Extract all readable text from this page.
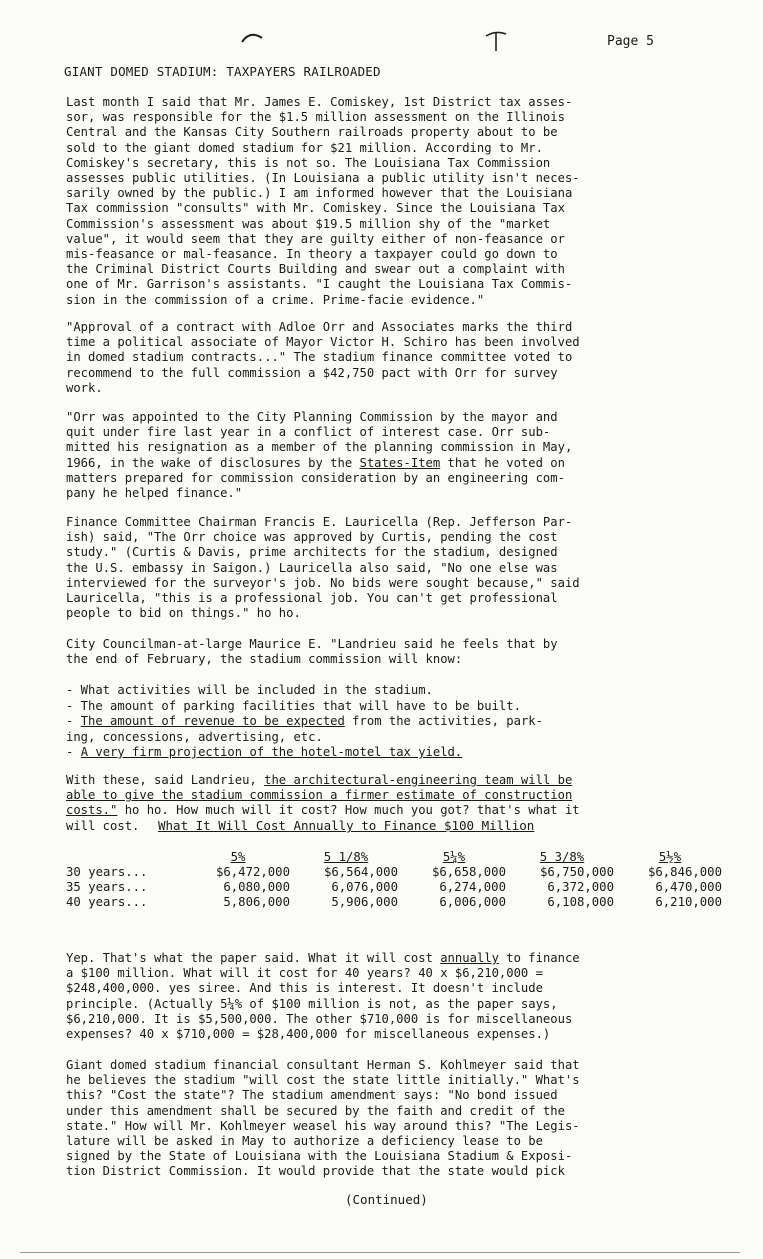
Page 5
GIANT DOMED STADIUM: TAXPAYERS RAILROADED
Last month I said that Mr. James E. Comiskey, 1st District tax asses-
sor, was responsible for the $1.5 million assessment on the Illinois
Central and the Kansas City Southern railroads property about to be
sold to the giant domed stadium for $21 million. According to Mr.
Comiskey's secretary, this is not so. The Louisiana Tax Commission
assesses public utilities. (In Louisiana a public utility isn't neces-
sarily owned by the public.) I am informed however that the Louisiana
Tax commission "consults" with Mr. Comiskey. Since the Louisiana Tax
Commission's assessment was about $19.5 million shy of the "market
value", it would seem that they are guilty either of non-feasance or
mis-feasance or mal-feasance. In theory a taxpayer could go down to
the Criminal District Courts Building and swear out a complaint with
one of Mr. Garrison's assistants. "I caught the Louisiana Tax Commis-
sion in the commission of a crime. Prime-facie evidence."
"Approval of a contract with Adloe Orr and Associates marks the third
time a political associate of Mayor Victor H. Schiro has been involved
in domed stadium contracts..." The stadium finance committee voted to
recommend to the full commission a $42,750 pact with Orr for survey
work.
"Orr was appointed to the City Planning Commission by the mayor and
quit under fire last year in a conflict of interest case. Orr sub-
mitted his resignation as a member of the planning commission in May,
1966, in the wake of disclosures by the States-Item that he voted on
matters prepared for commission consideration by an engineering com-
pany he helped finance."
Finance Committee Chairman Francis E. Lauricella (Rep. Jefferson Par-
ish) said, "The Orr choice was approved by Curtis, pending the cost
study." (Curtis & Davis, prime architects for the stadium, designed
the U.S. embassy in Saigon.) Lauricella also said, "No one else was
interviewed for the surveyor's job. No bids were sought because," said
Lauricella, "this is a professional job. You can't get professional
people to bid on things." ho ho.
City Councilman-at-large Maurice E. "Landrieu said he feels that by
the end of February, the stadium commission will know:
- What activities will be included in the stadium.
- The amount of parking facilities that will have to be built.
- The amount of revenue to be expected from the activities, park-
ing, concessions, advertising, etc.
- A very firm projection of the hotel-motel tax yield.
With these, said Landrieu, the architectural-engineering team will be
able to give the stadium commission a firmer estimate of construction
costs." ho ho. How much will it cost? How much you got? that's what it
will cost.	What It Will Cost Annually to Finance $100 Million
	5%	5 1/8%	5¼%	5 3/8%	5½%
30 years...	$6,472,000	$6,564,000	$6,658,000	$6,750,000	$6,846,000
35 years...	6,080,000	6,076,000	6,274,000	6,372,000	6,470,000
40 years...	5,806,000	5,906,000	6,006,000	6,108,000	6,210,000
Yep. That's what the paper said. What it will cost annually to finance
a $100 million. What will it cost for 40 years? 40 x $6,210,000 =
$248,400,000. yes siree. And this is interest. It doesn't include
principle. (Actually 5¼% of $100 million is not, as the paper says,
$6,210,000. It is $5,500,000. The other $710,000 is for miscellaneous
expenses? 40 x $710,000 = $28,400,000 for miscellaneous expenses.)
Giant domed stadium financial consultant Herman S. Kohlmeyer said that
he believes the stadium "will cost the state little initially." What's
this? "Cost the state"? The stadium amendment says: "No bond issued
under this amendment shall be secured by the faith and credit of the
state." How will Mr. Kohlmeyer weasel his way around this? "The Legis-
lature will be asked in May to authorize a deficiency lease to be
signed by the State of Louisiana with the Louisiana Stadium & Exposi-
tion District Commission. It would provide that the state would pick
(Continued)
